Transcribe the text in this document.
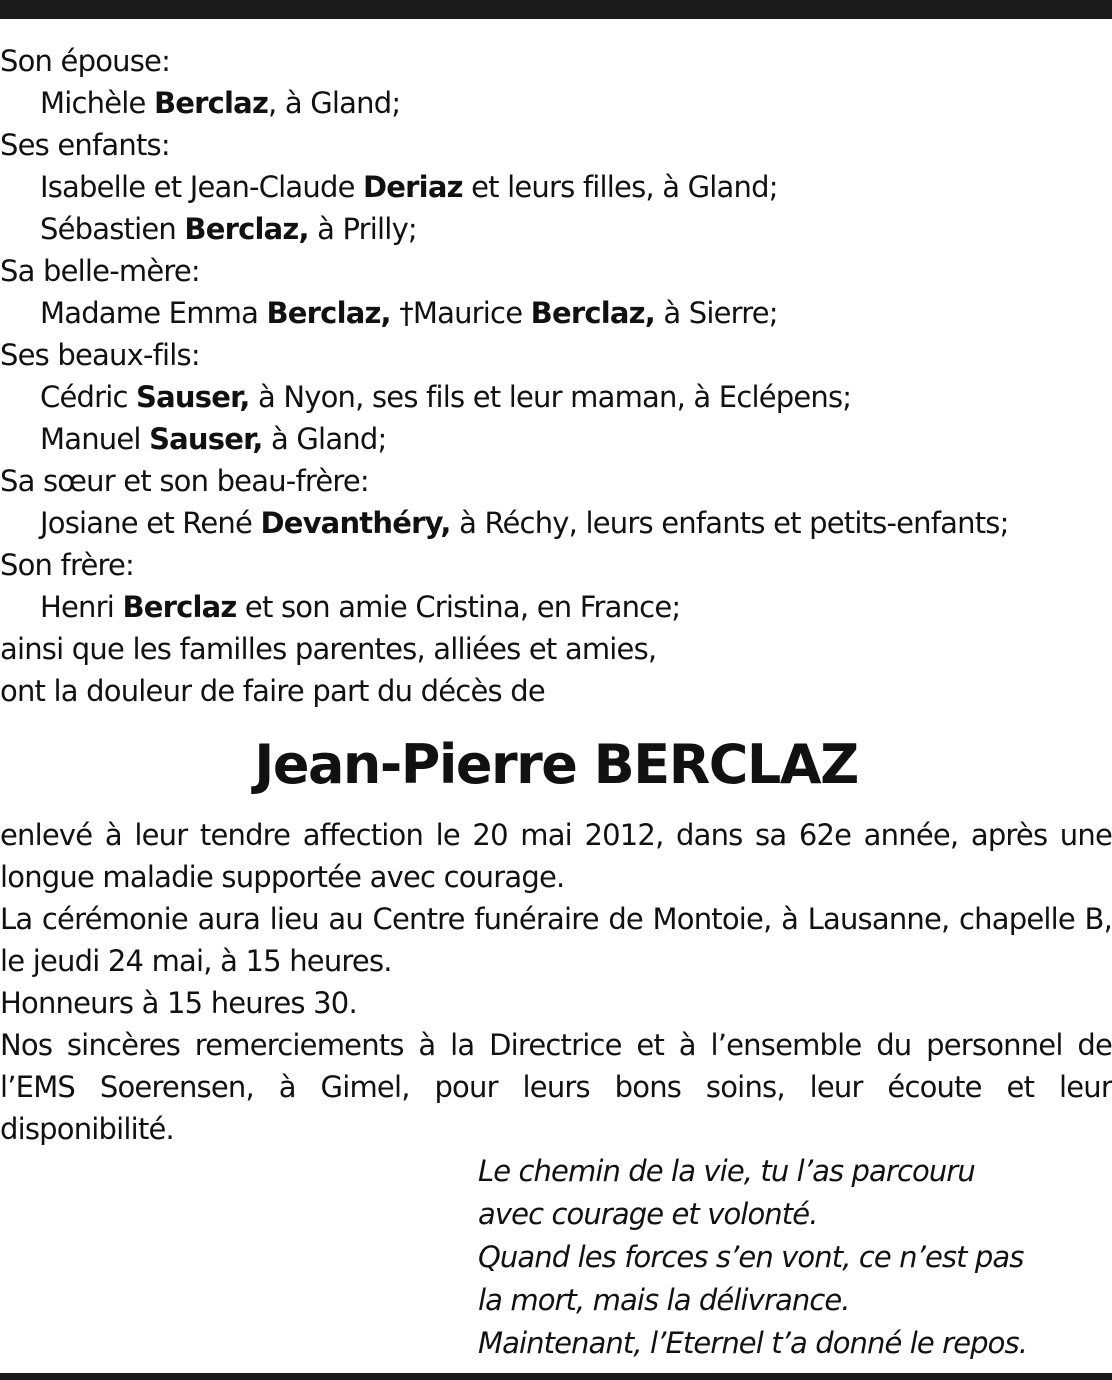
Son épouse:
Michèle Berclaz, à Gland;
Ses enfants:
Isabelle et Jean-Claude Deriaz et leurs filles, à Gland;
Sébastien Berclaz, à Prilly;
Sa belle-mère:
Madame Emma Berclaz, †Maurice Berclaz, à Sierre;
Ses beaux-fils:
Cédric Sauser, à Nyon, ses fils et leur maman, à Eclépens;
Manuel Sauser, à Gland;
Sa sœur et son beau-frère:
Josiane et René Devanthéry, à Réchy, leurs enfants et petits-enfants;
Son frère:
Henri Berclaz et son amie Cristina, en France;
ainsi que les familles parentes, alliées et amies,
ont la douleur de faire part du décès de
Jean-Pierre BERCLAZ
enlevé à leur tendre affection le 20 mai 2012, dans sa 62e année, après une longue maladie supportée avec courage.
La cérémonie aura lieu au Centre funéraire de Montoie, à Lausanne, chapelle B, le jeudi 24 mai, à 15 heures.
Honneurs à 15 heures 30.
Nos sincères remerciements à la Directrice et à l’ensemble du personnel de l’EMS Soerensen, à Gimel, pour leurs bons soins, leur écoute et leur disponibilité.
Le chemin de la vie, tu l’as parcouru
avec courage et volonté.
Quand les forces s’en vont, ce n’est pas
la mort, mais la délivrance.
Maintenant, l’Eternel t’a donné le repos.
